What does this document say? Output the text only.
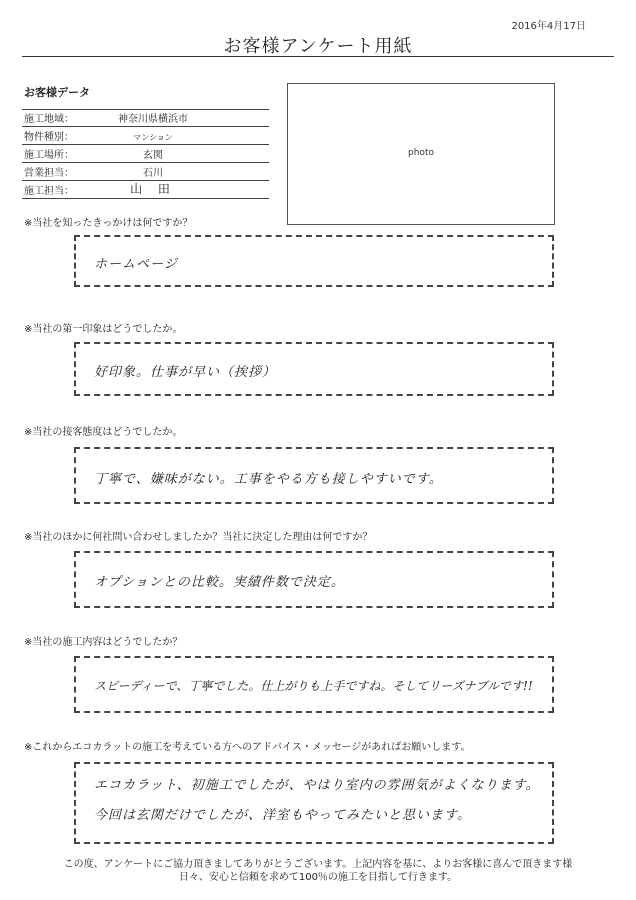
2016年4月17日
お客様アンケート用紙
お客様データ
施工地域：	神奈川県横浜市
物件種別：	マンション
施工場所：	玄関
営業担当：	石川
施工担当：	山 田
photo
※当社を知ったきっかけは何ですか？
ホームページ
※当社の第一印象はどうでしたか。
好印象。仕事が早い（挨拶）
※当社の接客態度はどうでしたか。
丁寧で、嫌味がない。工事をやる方も接しやすいです。
※当社のほかに何社問い合わせしましたか？当社に決定した理由は何ですか？
オプションとの比較。実績件数で決定。
※当社の施工内容はどうでしたか？
スピーディーで、丁寧でした。仕上がりも上手ですね。そしてリーズナブルです!!
※これからエコカラットの施工を考えている方へのアドバイス・メッセージがあればお願いします。
エコカラット、初施工でしたが、やはり室内の雰囲気がよくなります。
今回は玄関だけでしたが、洋室もやってみたいと思います。
この度、アンケートにご協力頂きましてありがとうございます。上記内容を基に、よりお客様に喜んで頂きます様
日々、安心と信頼を求めて100％の施工を目指して行きます。
